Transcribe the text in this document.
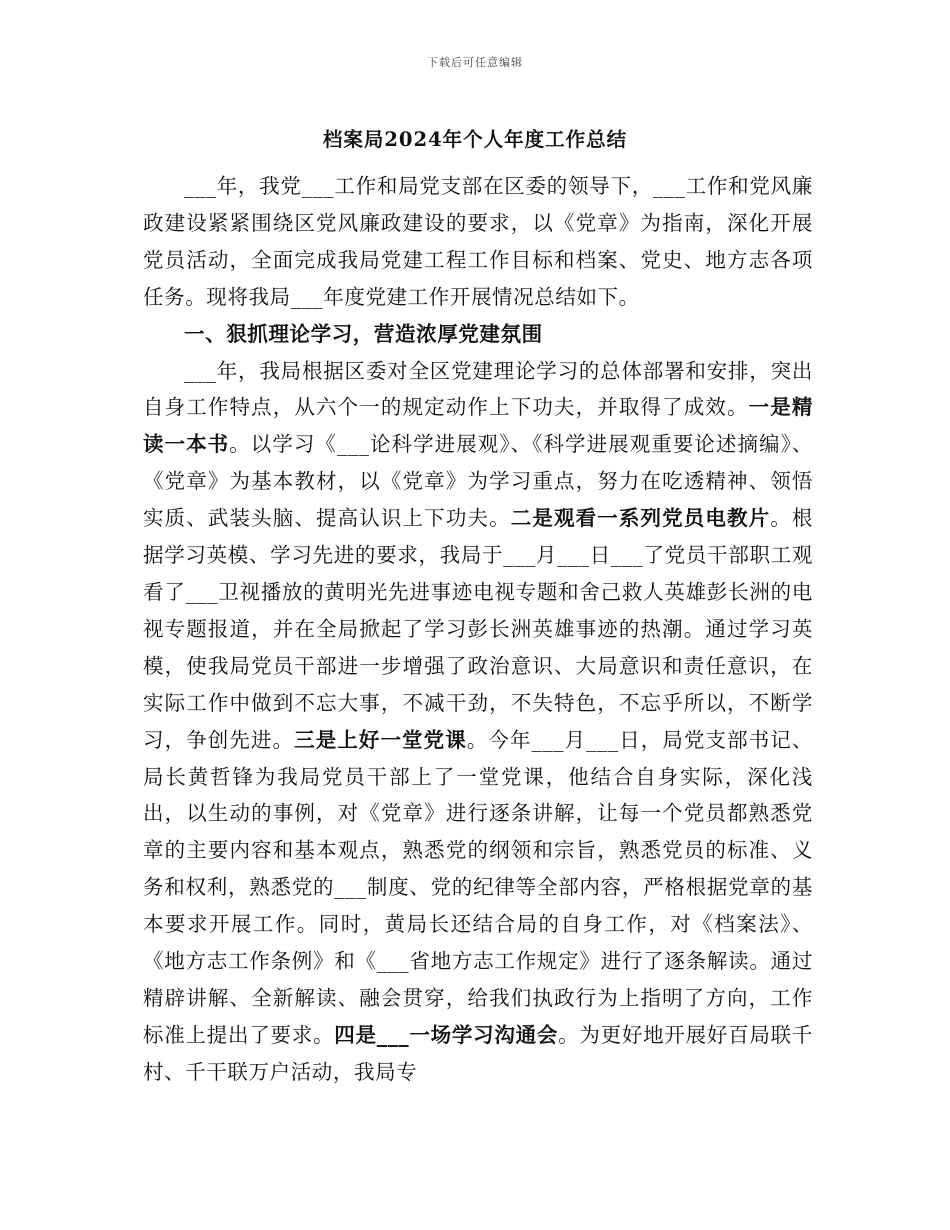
下载后可任意编辑
档案局2024年个人年度工作总结

___年，我党___工作和局党支部在区委的领导下，___工作和党风廉政建设紧紧围绕区党风廉政建设的要求，以《党章》为指南，深化开展党员活动，全面完成我局党建工程工作目标和档案、党史、地方志各项任务。现将我局___年度党建工作开展情况总结如下。

一、狠抓理论学习，营造浓厚党建氛围

___年，我局根据区委对全区党建理论学习的总体部署和安排，突出自身工作特点，从六个一的规定动作上下功夫，并取得了成效。一是精读一本书。以学习《___论科学进展观》、《科学进展观重要论述摘编》、《党章》为基本教材，以《党章》为学习重点，努力在吃透精神、领悟实质、武装头脑、提高认识上下功夫。二是观看一系列党员电教片。根据学习英模、学习先进的要求，我局于___月___日___了党员干部职工观看了___卫视播放的黄明光先进事迹电视专题和舍己救人英雄彭长洲的电视专题报道，并在全局掀起了学习彭长洲英雄事迹的热潮。通过学习英模，使我局党员干部进一步增强了政治意识、大局意识和责任意识，在实际工作中做到不忘大事，不减干劲，不失特色，不忘乎所以，不断学习，争创先进。三是上好一堂党课。今年___月___日，局党支部书记、局长黄哲锋为我局党员干部上了一堂党课，他结合自身实际，深化浅出，以生动的事例，对《党章》进行逐条讲解，让每一个党员都熟悉党章的主要内容和基本观点，熟悉党的纲领和宗旨，熟悉党员的标准、义务和权利，熟悉党的___制度、党的纪律等全部内容，严格根据党章的基本要求开展工作。同时，黄局长还结合局的自身工作，对《档案法》、《地方志工作条例》和《___省地方志工作规定》进行了逐条解读。通过精辟讲解、全新解读、融会贯穿，给我们执政行为上指明了方向，工作标准上提出了要求。四是___一场学习沟通会。为更好地开展好百局联千村、千干联万户活动，我局专
